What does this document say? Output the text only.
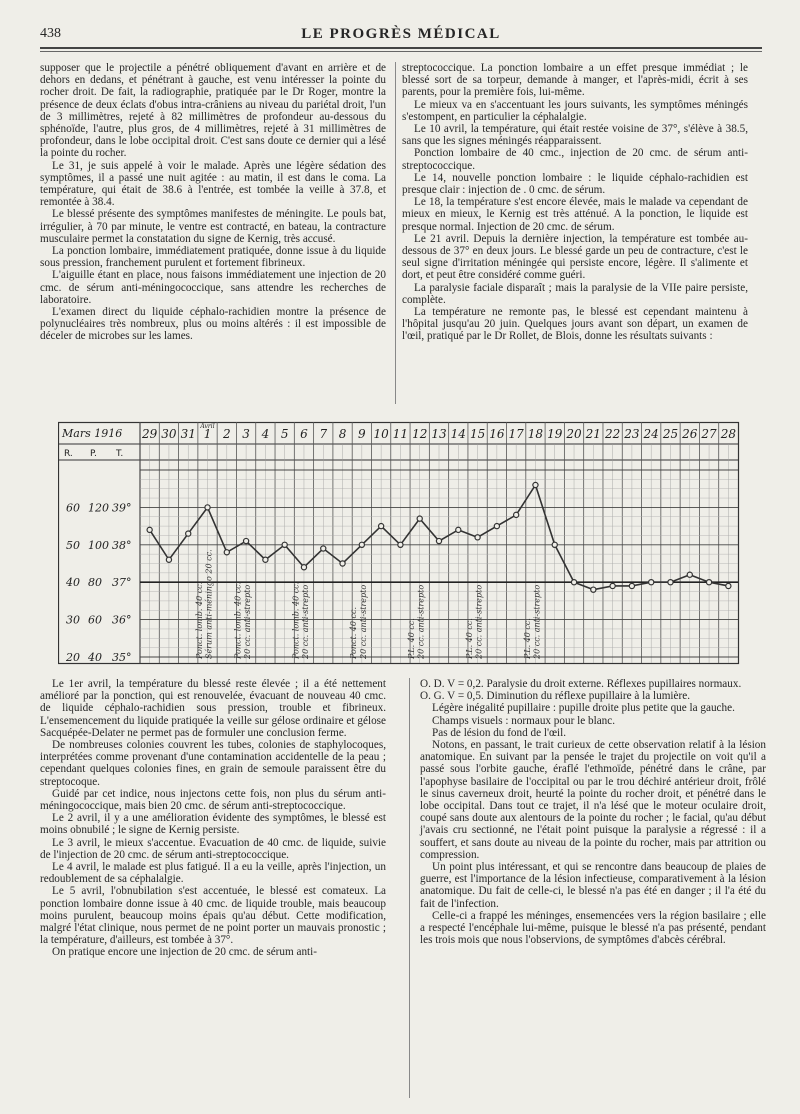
438	LE PROGRÈS MÉDICAL

supposer que le projectile a pénétré obliquement d'avant en arrière et de dehors en dedans, et pénétrant à gauche, est venu intéresser la pointe du rocher droit. De fait, la radiographie, pratiquée par le Dr Roger, montre la présence de deux éclats d'obus intra-crâniens au niveau du pariétal droit, l'un de 3 millimètres, rejeté à 82 millimètres de profondeur au-dessous du sphénoïde, l'autre, plus gros, de 4 millimètres, rejeté à 31 millimètres de profondeur, dans le lobe occipital droit. C'est sans doute ce dernier qui a lésé la pointe du rocher.

Le 31, je suis appelé à voir le malade. Après une légère sédation des symptômes, il a passé une nuit agitée : au matin, il est dans le coma. La température, qui était de 38.6 à l'entrée, est tombée la veille à 37.8, et remontée à 38.4.

Le blessé présente des symptômes manifestes de méningite. Le pouls bat, irrégulier, à 70 par minute, le ventre est contracté, en bateau, la contracture musculaire permet la constatation du signe de Kernig, très accusé.

La ponction lombaire, immédiatement pratiquée, donne issue à du liquide sous pression, franchement purulent et fortement fibrineux.

L'aiguille étant en place, nous faisons immédiatement une injection de 20 cmc. de sérum anti-méningococcique, sans attendre les recherches de laboratoire.

L'examen direct du liquide céphalo-rachidien montre la présence de polynucléaires très nombreux, plus ou moins altérés : il est impossible de déceler de microbes sur les lames.

streptococcique. La ponction lombaire a un effet presque immédiat ; le blessé sort de sa torpeur, demande à manger, et l'après-midi, écrit à ses parents, pour la première fois, lui-même.

Le mieux va en s'accentuant les jours suivants, les symptômes méningés s'estompent, en particulier la céphalalgie.

Le 10 avril, la température, qui était restée voisine de 37°, s'élève à 38.5, sans que les signes méningés réapparaissent.

Ponction lombaire de 40 cmc., injection de 20 cmc. de sérum anti-streptococcique.

Le 14, nouvelle ponction lombaire : le liquide céphalo-rachidien est presque clair : injection de . 0 cmc. de sérum.

Le 18, la température s'est encore élevée, mais le malade va cependant de mieux en mieux, le Kernig est très atténué. A la ponction, le liquide est presque normal. Injection de 20 cmc. de sérum.

Le 21 avril. Depuis la dernière injection, la température est tombée au-dessous de 37° en deux jours. Le blessé garde un peu de contracture, c'est le seul signe d'irritation méningée qui persiste encore, légère. Il s'alimente et dort, et peut être considéré comme guéri.

La paralysie faciale disparaît ; mais la paralysie de la VIIe paire persiste, complète.

La température ne remonte pas, le blessé est cependant maintenu à l'hôpital jusqu'au 20 juin. Quelques jours avant son départ, un examen de l'œil, pratiqué par le Dr Rollet, de Blois, donne les résultats suivants :

Mars 1916
R. P. T.
29 30 31 1 2 3 4 5 6 7 8 9 10 11 12 13 14 15 16 17 18 19 20 21 22 23 24 25 26 27 28
Avril
60 120 39°
50 100 38°
40 80 37°
30 60 36°
20 40 35°	Ponct. lomb. 40 cc. Sérum anti-méningo 20 cc. Ponct. lomb. 40 cc. 20 cc. anti-strepto	Ponct. lomb. 40 cc. 20 cc. anti-strepto	Ponct. 40 cc. 20 cc. anti-strepto	P.L. 40 cc. 20 cc. anti-strepto	P.L. 40 cc. 20 cc. anti-strepto	P.L. 40 cc. 20 cc. anti-strepto

Le 1er avril, la température du blessé reste élevée ; il a été nettement amélioré par la ponction, qui est renouvelée, évacuant de nouveau 40 cmc. de liquide céphalo-rachidien sous pression, trouble et fibrineux. L'ensemencement du liquide pratiquée la veille sur gélose ordinaire et gélose Sacquépée-Delater ne permet pas de formuler une conclusion ferme.

De nombreuses colonies couvrent les tubes, colonies de staphylocoques, interprétées comme provenant d'une contamination accidentelle de la peau ; cependant quelques colonies fines, en grain de semoule paraissent être du streptocoque.

Guidé par cet indice, nous injectons cette fois, non plus du sérum anti-méningococcique, mais bien 20 cmc. de sérum anti-streptococcique.

Le 2 avril, il y a une amélioration évidente des symptômes, le blessé est moins obnubilé ; le signe de Kernig persiste.

Le 3 avril, le mieux s'accentue. Evacuation de 40 cmc. de liquide, suivie de l'injection de 20 cmc. de sérum anti-streptococcique.

Le 4 avril, le malade est plus fatigué. Il a eu la veille, après l'injection, un redoublement de sa céphalalgie.

Le 5 avril, l'obnubilation s'est accentuée, le blessé est comateux. La ponction lombaire donne issue à 40 cmc. de liquide trouble, mais beaucoup moins purulent, beaucoup moins épais qu'au début. Cette modification, malgré l'état clinique, nous permet de ne point porter un mauvais pronostic ; la température, d'ailleurs, est tombée à 37°.

On pratique encore une injection de 20 cmc. de sérum anti-

O. D. V = 0,2. Paralysie du droit externe. Réflexes pupillaires normaux.

O. G. V = 0,5. Diminution du réflexe pupillaire à la lumière.

Légère inégalité pupillaire : pupille droite plus petite que la gauche.

Champs visuels : normaux pour le blanc.

Pas de lésion du fond de l'œil.

Notons, en passant, le trait curieux de cette observation relatif à la lésion anatomique. En suivant par la pensée le trajet du projectile on voit qu'il a passé sous l'orbite gauche, éraflé l'ethmoïde, pénétré dans le crâne, par l'apophyse basilaire de l'occipital ou par le trou déchiré antérieur droit, frôlé le sinus caverneux droit, heurté la pointe du rocher droit, et pénétré dans le lobe occipital. Dans tout ce trajet, il n'a lésé que le moteur oculaire droit, coupé sans doute aux alentours de la pointe du rocher ; le facial, qu'au début j'avais cru sectionné, ne l'était point puisque la paralysie a régressé : il a souffert, et sans doute au niveau de la pointe du rocher, mais par attrition ou compression.

Un point plus intéressant, et qui se rencontre dans beaucoup de plaies de guerre, est l'importance de la lésion infectieuse, comparativement à la lésion anatomique. Du fait de celle-ci, le blessé n'a pas été en danger ; il l'a été du fait de l'infection.

Celle-ci a frappé les méninges, ensemencées vers la région basilaire ; elle a respecté l'encéphale lui-même, puisque le blessé n'a pas présenté, pendant les trois mois que nous l'observions, de symptômes d'abcès cérébral.
